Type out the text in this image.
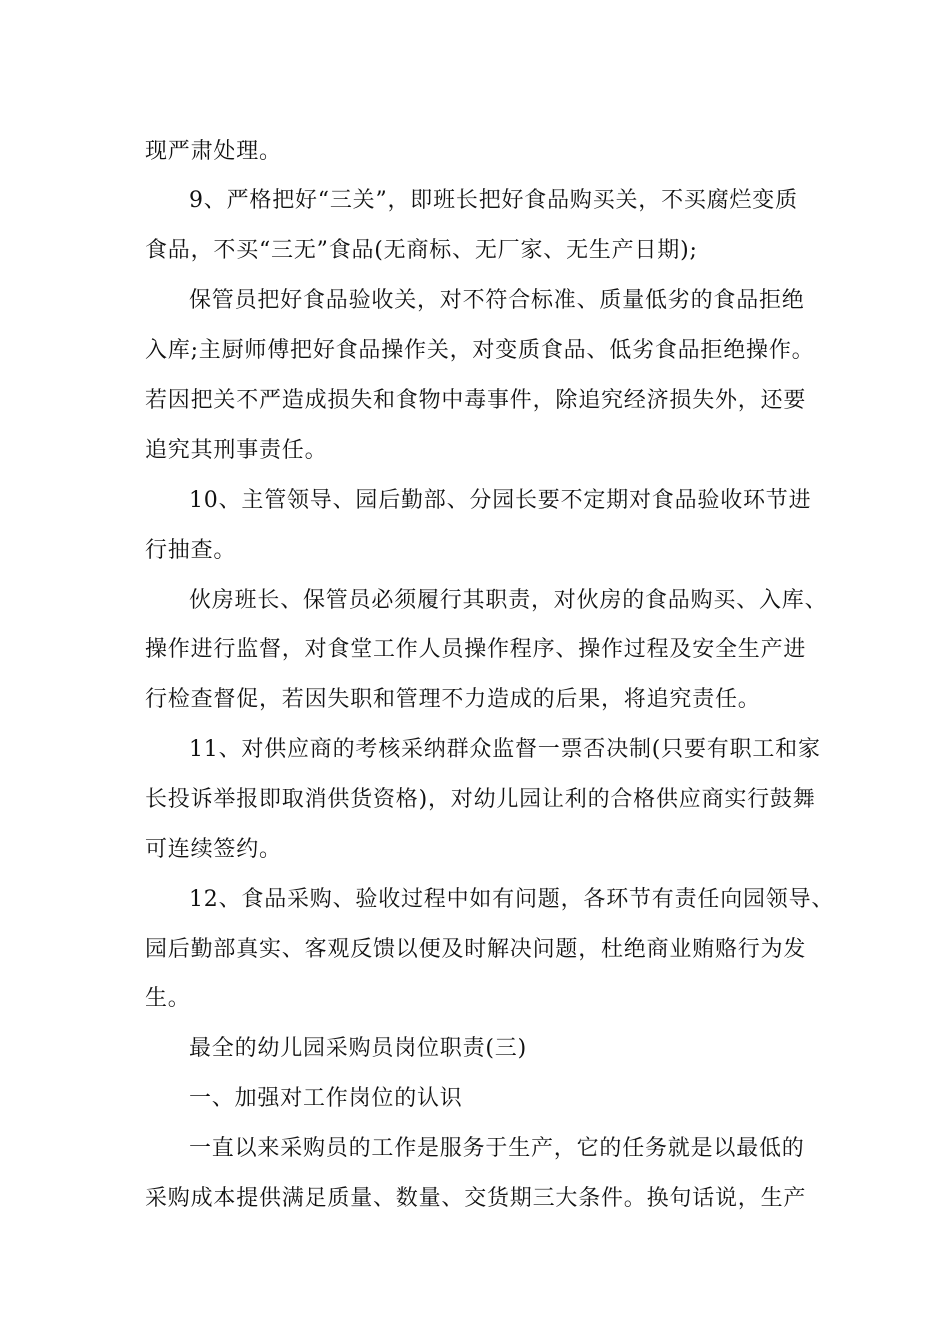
现严肃处理。
9、严格把好“三关”，即班长把好食品购买关，不买腐烂变质
食品，不买“三无”食品(无商标、无厂家、无生产日期);
保管员把好食品验收关，对不符合标准、质量低劣的食品拒绝
入库;主厨师傅把好食品操作关，对变质食品、低劣食品拒绝操作。
若因把关不严造成损失和食物中毒事件，除追究经济损失外，还要
追究其刑事责任。
10、主管领导、园后勤部、分园长要不定期对食品验收环节进
行抽查。
伙房班长、保管员必须履行其职责，对伙房的食品购买、入库、
操作进行监督，对食堂工作人员操作程序、操作过程及安全生产进
行检查督促，若因失职和管理不力造成的后果，将追究责任。
11、对供应商的考核采纳群众监督一票否决制(只要有职工和家
长投诉举报即取消供货资格)，对幼儿园让利的合格供应商实行鼓舞
可连续签约。
12、食品采购、验收过程中如有问题，各环节有责任向园领导、
园后勤部真实、客观反馈以便及时解决问题，杜绝商业贿赂行为发
生。
最全的幼儿园采购员岗位职责(三)
一、加强对工作岗位的认识
一直以来采购员的工作是服务于生产，它的任务就是以最低的
采购成本提供满足质量、数量、交货期三大条件。换句话说，生产
